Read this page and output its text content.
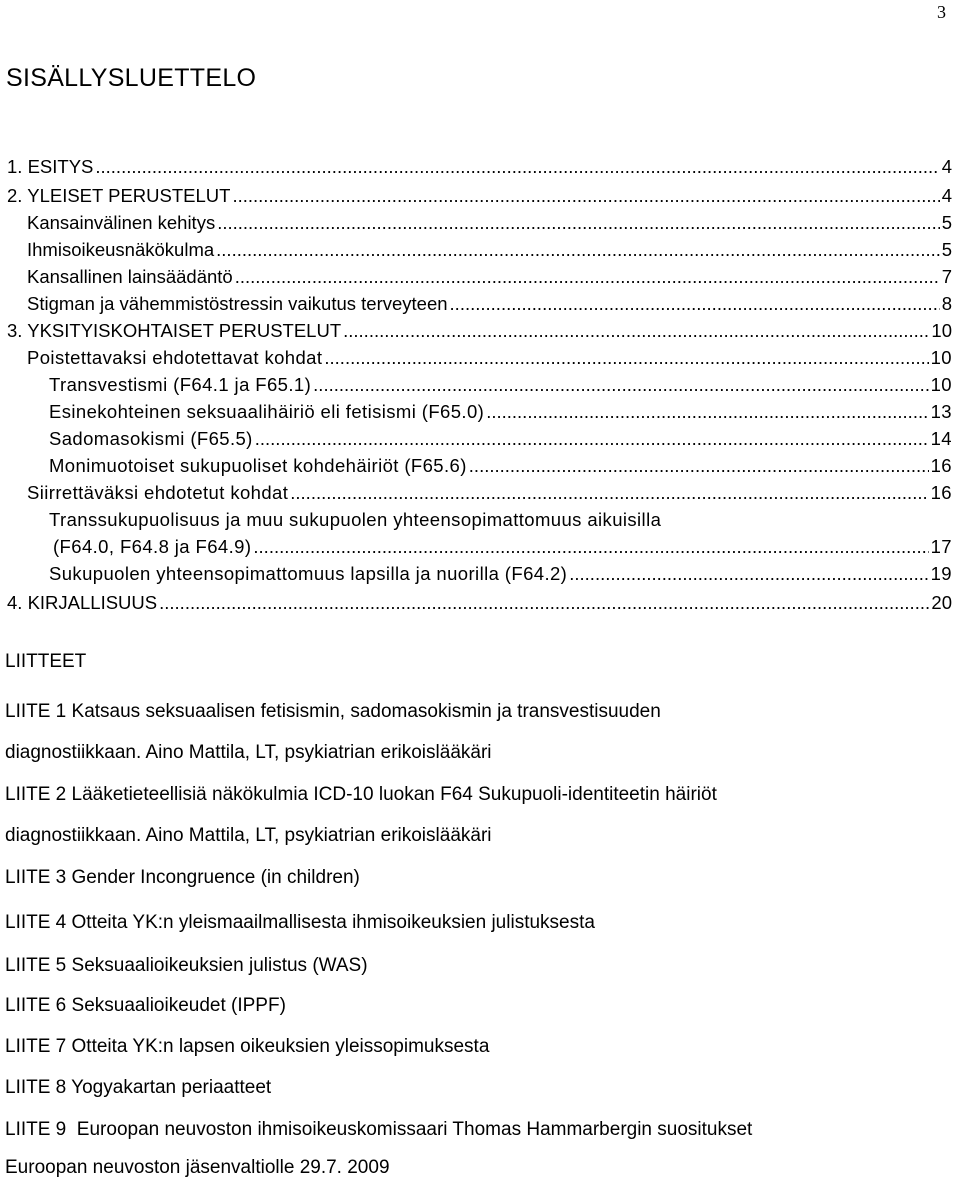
3
SISÄLLYSLUETTELO
1. ESITYS .....	4
2. YLEISET PERUSTELUT .....	4
Kansainvälinen kehitys .....	5
Ihmisoikeusnäkökulma .....	5
Kansallinen lainsäädäntö .....	7
Stigman ja vähemmistöstressin vaikutus terveyteen .....	8
3. YKSITYISKOHTAISET PERUSTELUT .....	10
Poistettavaksi ehdotettavat kohdat .....	10
Transvestismi (F64.1 ja F65.1) .....	10
Esinekohteinen seksuaalihäiriö eli fetisismi (F65.0) .....	13
Sadomasokismi (F65.5) .....	14
Monimuotoiset sukupuoliset kohdehäiriöt (F65.6) .....	16
Siirrettäväksi ehdotetut kohdat .....	16
Transsukupuolisuus ja muu sukupuolen yhteensopimattomuus aikuisilla
(F64.0, F64.8 ja F64.9) .....	17
Sukupuolen yhteensopimattomuus lapsilla ja nuorilla (F64.2) .....	19
4. KIRJALLISUUS .....	20
LIITTEET
LIITE 1 Katsaus seksuaalisen fetisismin, sadomasokismin ja transvestisuuden
diagnostiikkaan. Aino Mattila, LT, psykiatrian erikoislääkäri
LIITE 2 Lääketieteellisiä näkökulmia ICD-10 luokan F64 Sukupuoli-identiteetin häiriöt
diagnostiikkaan. Aino Mattila, LT, psykiatrian erikoislääkäri
LIITE 3 Gender Incongruence (in children)
LIITE 4 Otteita YK:n yleismaailmallisesta ihmisoikeuksien julistuksesta
LIITE 5 Seksuaalioikeuksien julistus (WAS)
LIITE 6 Seksuaalioikeudet (IPPF)
LIITE 7 Otteita YK:n lapsen oikeuksien yleissopimuksesta
LIITE 8 Yogyakartan periaatteet
LIITE 9  Euroopan neuvoston ihmisoikeuskomissaari Thomas Hammarbergin suositukset
Euroopan neuvoston jäsenvaltiolle 29.7. 2009
